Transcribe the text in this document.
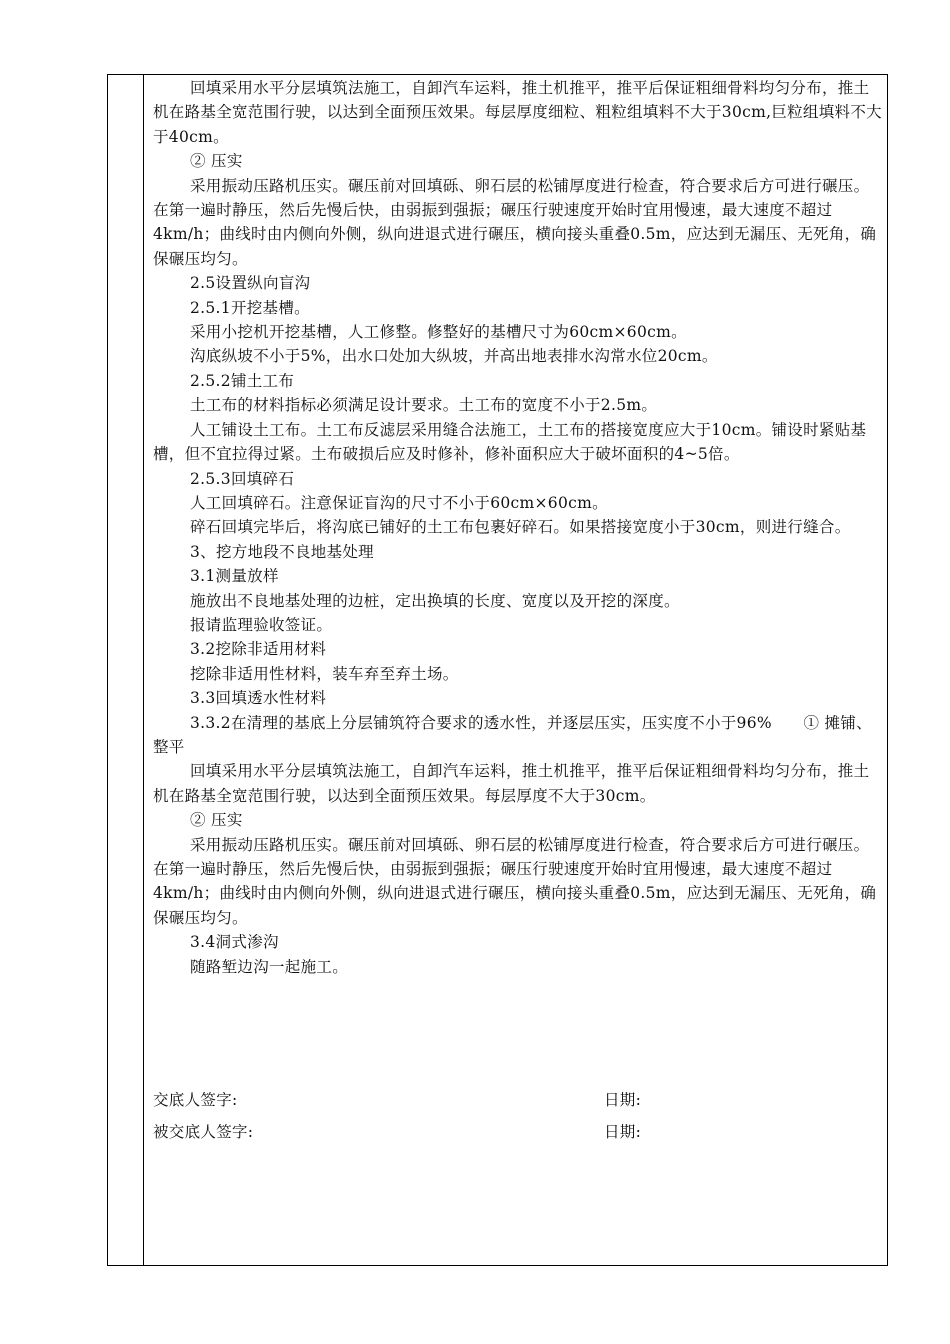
回填采用水平分层填筑法施工，自卸汽车运料，推土机推平，推平后保证粗细骨料均匀分布，推土机在路基全宽范围行驶，以达到全面预压效果。每层厚度细粒、粗粒组填料不大于30cm,巨粒组填料不大于40cm。

② 压实

采用振动压路机压实。碾压前对回填砾、卵石层的松铺厚度进行检查，符合要求后方可进行碾压。在第一遍时静压，然后先慢后快，由弱振到强振；碾压行驶速度开始时宜用慢速，最大速度不超过4km/h；曲线时由内侧向外侧，纵向进退式进行碾压，横向接头重叠0.5m，应达到无漏压、无死角，确保碾压均匀。

2.5设置纵向盲沟

2.5.1开挖基槽。

采用小挖机开挖基槽，人工修整。修整好的基槽尺寸为60cm×60cm。

沟底纵坡不小于5%，出水口处加大纵坡，并高出地表排水沟常水位20cm。

2.5.2铺土工布

土工布的材料指标必须满足设计要求。土工布的宽度不小于2.5m。

人工铺设土工布。土工布反滤层采用缝合法施工，土工布的搭接宽度应大于10cm。铺设时紧贴基槽，但不宜拉得过紧。土布破损后应及时修补，修补面积应大于破坏面积的4~5倍。

2.5.3回填碎石

人工回填碎石。注意保证盲沟的尺寸不小于60cm×60cm。

碎石回填完毕后，将沟底已铺好的土工布包裹好碎石。如果搭接宽度小于30cm，则进行缝合。

3、挖方地段不良地基处理

3.1测量放样

施放出不良地基处理的边桩，定出换填的长度、宽度以及开挖的深度。

报请监理验收签证。

3.2挖除非适用材料

挖除非适用性材料，装车弃至弃土场。

3.3回填透水性材料

3.3.2在清理的基底上分层铺筑符合要求的透水性，并逐层压实，压实度不小于96%　　① 摊铺、整平

回填采用水平分层填筑法施工，自卸汽车运料，推土机推平，推平后保证粗细骨料均匀分布，推土机在路基全宽范围行驶，以达到全面预压效果。每层厚度不大于30cm。

② 压实

采用振动压路机压实。碾压前对回填砾、卵石层的松铺厚度进行检查，符合要求后方可进行碾压。在第一遍时静压，然后先慢后快，由弱振到强振；碾压行驶速度开始时宜用慢速，最大速度不超过4km/h；曲线时由内侧向外侧，纵向进退式进行碾压，横向接头重叠0.5m，应达到无漏压、无死角，确保碾压均匀。

3.4洞式渗沟

随路堑边沟一起施工。

交底人签字:	日期:
被交底人签字:	日期:
